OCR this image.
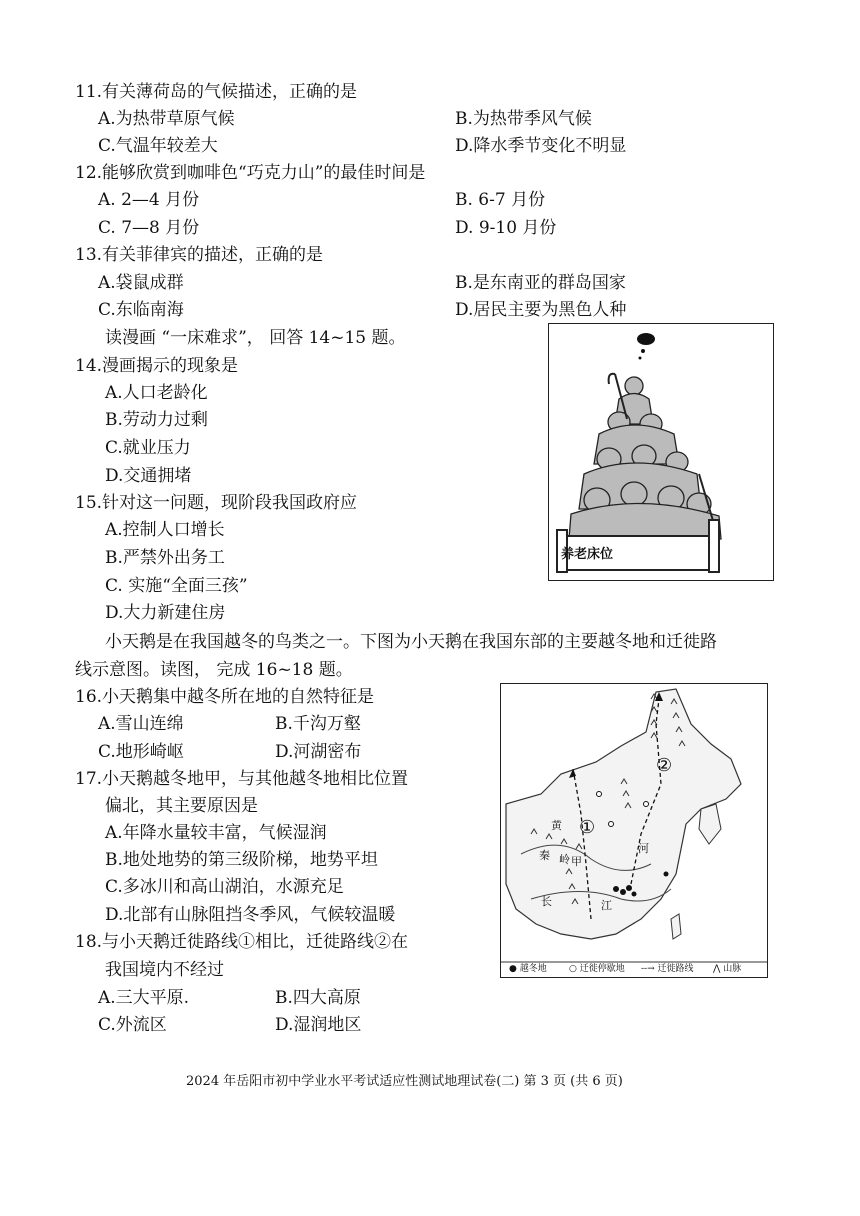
11.有关薄荷岛的气候描述，正确的是
A.为热带草原气候	B.为热带季风气候
C.气温年较差大	D.降水季节变化不明显
12.能够欣赏到咖啡色“巧克力山”的最佳时间是
A. 2—4 月份	B. 6-7 月份
C. 7—8 月份	D. 9-10 月份
13.有关菲律宾的描述，正确的是
A.袋鼠成群	B.是东南亚的群岛国家
C.东临南海	D.居民主要为黑色人种
读漫画 “一床难求”， 回答 14~15 题。
14.漫画揭示的现象是
A.人口老龄化
B.劳动力过剩
C.就业压力
D.交通拥堵
15.针对这一问题，现阶段我国政府应
A.控制人口增长
B.严禁外出务工
C. 实施“全面三孩”
D.大力新建住房
养老床位
小天鹅是在我国越冬的鸟类之一。下图为小天鹅在我国东部的主要越冬地和迁徙路
线示意图。读图， 完成 16~18 题。
16.小天鹅集中越冬所在地的自然特征是
A.雪山连绵	B.千沟万壑
C.地形崎岖	D.河湖密布
17.小天鹅越冬地甲，与其他越冬地相比位置
偏北，其主要原因是
A.年降水量较丰富，气候湿润
B.地处地势的第三级阶梯，地势平坦
C.多冰川和高山湖泊，水源充足
D.北部有山脉阻挡冬季风，气候较温暖
18.与小天鹅迁徙路线①相比，迁徙路线②在
我国境内不经过
A.三大平原.	B.四大高原
C.外流区	D.湿润地区
①
②
黄
河
秦 岭
长	江
甲
● 越冬地 ○ 迁徙停歇地 --→ 迁徙路线 ⋀ 山脉
2024 年岳阳市初中学业水平考试适应性测试地理试卷(二) 第 3 页 (共 6 页)
